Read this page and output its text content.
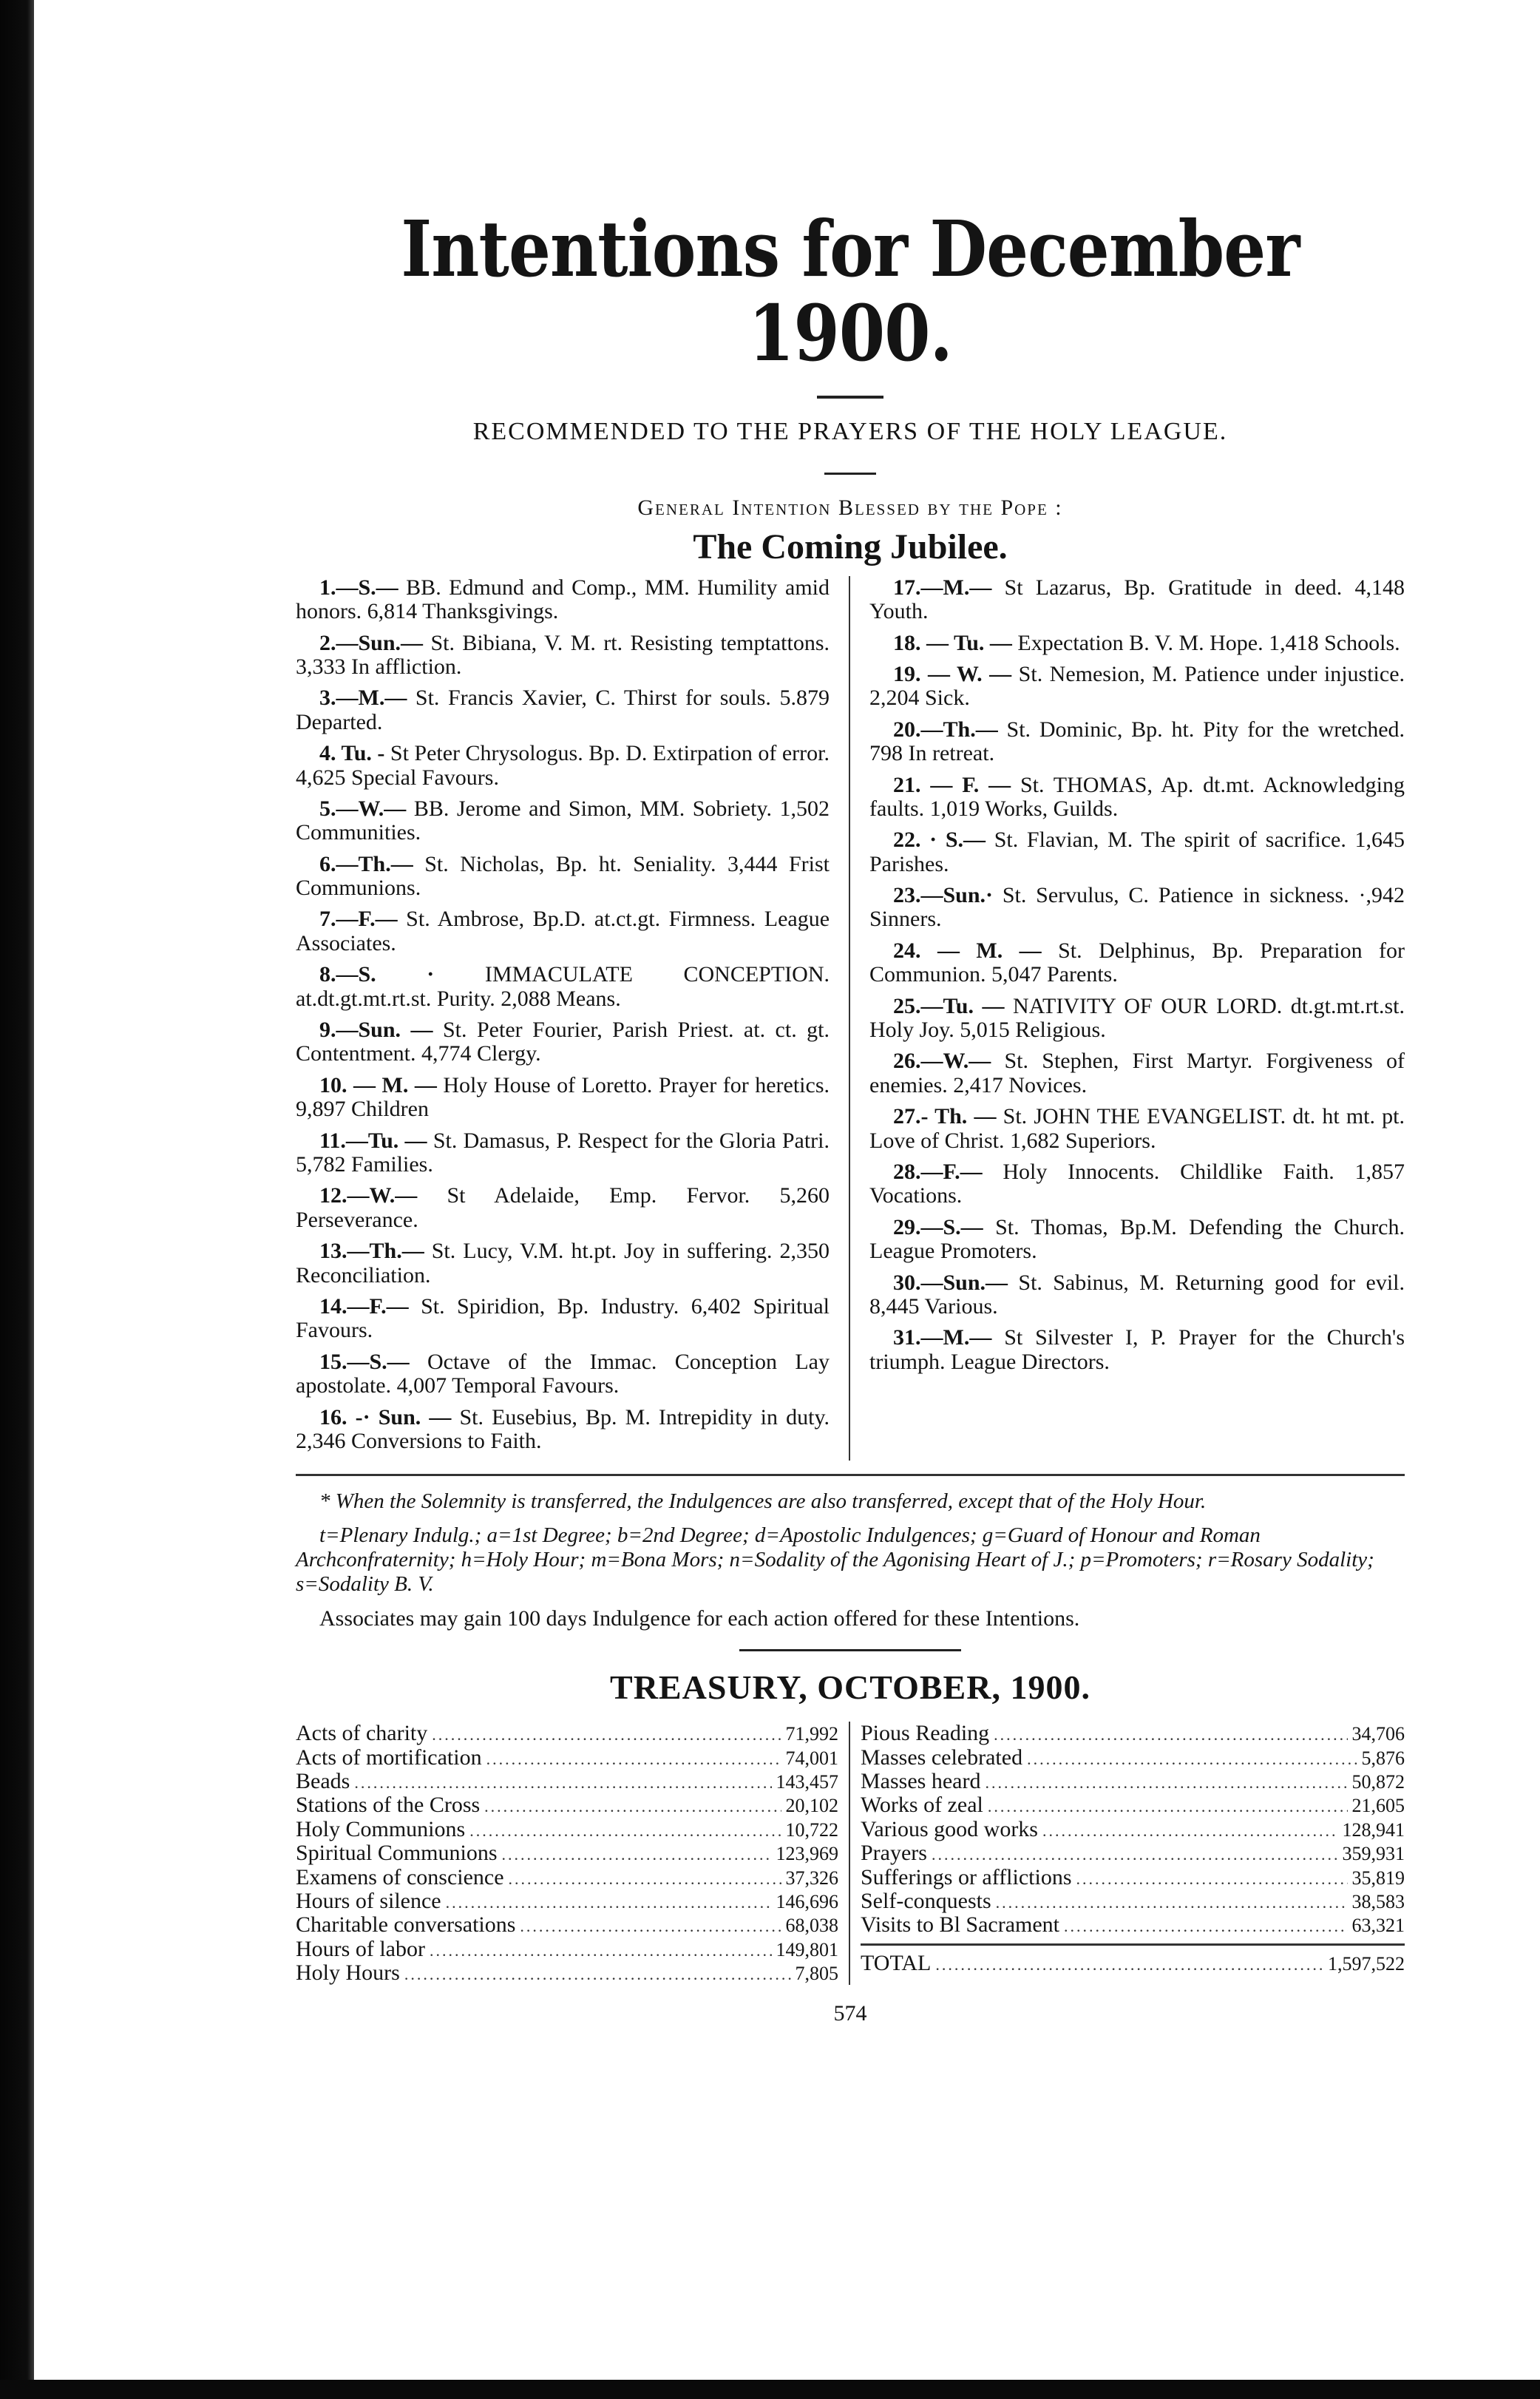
Intentions for December 1900.

RECOMMENDED TO THE PRAYERS OF THE HOLY LEAGUE.

General Intention Blessed by the Pope :

The Coming Jubilee.

1.—S.— BB. Edmund and Comp., MM. Humility amid honors. 6,814 Thanksgivings.

2.—Sun.— St. Bibiana, V. M. rt. Resisting temptattons. 3,333 In affliction.

3.—M.— St. Francis Xavier, C. Thirst for souls. 5.879 Departed.

4. Tu. - St Peter Chrysologus. Bp. D. Extirpation of error. 4,625 Special Favours.

5.—W.— BB. Jerome and Simon, MM. Sobriety. 1,502 Communities.

6.—Th.— St. Nicholas, Bp. ht. Seniality. 3,444 Frist Communions.

7.—F.— St. Ambrose, Bp.D. at.ct.gt. Firmness. League Associates.

8.—S. · IMMACULATE CONCEPTION. at.dt.gt.mt.rt.st. Purity. 2,088 Means.

9.—Sun. — St. Peter Fourier, Parish Priest. at. ct. gt. Contentment. 4,774 Clergy.

10. — M. — Holy House of Loretto. Prayer for heretics. 9,897 Children

11.—Tu. — St. Damasus, P. Respect for the Gloria Patri. 5,782 Families.

12.—W.— St Adelaide, Emp. Fervor. 5,260 Perseverance.

13.—Th.— St. Lucy, V.M. ht.pt. Joy in suffering. 2,350 Reconciliation.

14.—F.— St. Spiridion, Bp. Industry. 6,402 Spiritual Favours.

15.—S.— Octave of the Immac. Conception Lay apostolate. 4,007 Temporal Favours.

16. -· Sun. — St. Eusebius, Bp. M. Intrepidity in duty. 2,346 Conversions to Faith.

17.—M.— St Lazarus, Bp. Gratitude in deed. 4,148 Youth.

18. — Tu. — Expectation B. V. M. Hope. 1,418 Schools.

19. — W. — St. Nemesion, M. Patience under injustice. 2,204 Sick.

20.—Th.— St. Dominic, Bp. ht. Pity for the wretched. 798 In retreat.

21. — F. — St. THOMAS, Ap. dt.mt. Acknowledging faults. 1,019 Works, Guilds.

22. · S.— St. Flavian, M. The spirit of sacrifice. 1,645 Parishes.

23.—Sun.· St. Servulus, C. Patience in sickness. ·,942 Sinners.

24. — M. — St. Delphinus, Bp. Preparation for Communion. 5,047 Parents.

25.—Tu. — NATIVITY OF OUR LORD. dt.gt.mt.rt.st. Holy Joy. 5,015 Religious.

26.—W.— St. Stephen, First Martyr. Forgiveness of enemies. 2,417 Novices.

27.- Th. — St. JOHN THE EVANGELIST. dt. ht mt. pt. Love of Christ. 1,682 Superiors.

28.—F.— Holy Innocents. Childlike Faith. 1,857 Vocations.

29.—S.— St. Thomas, Bp.M. Defending the Church. League Promoters.

30.—Sun.— St. Sabinus, M. Returning good for evil. 8,445 Various.

31.—M.— St Silvester I, P. Prayer for the Church's triumph. League Directors.

* When the Solemnity is transferred, the Indulgences are also transferred, except that of the Holy Hour.

t=Plenary Indulg.; a=1st Degree; b=2nd Degree; d=Apostolic Indulgences; g=Guard of Honour and Roman Archconfraternity; h=Holy Hour; m=Bona Mors; n=Sodality of the Agonising Heart of J.; p=Promoters; r=Rosary Sodality; s=Sodality B. V.

Associates may gain 100 days Indulgence for each action offered for these Intentions.

TREASURY, OCTOBER, 1900.
Acts of charity .....	71,992
Acts of mortification .....	74,001
Beads .....	143,457
Stations of the Cross .....	20,102
Holy Communions .....	10,722
Spiritual Communions .....	123,969
Examens of conscience .....	37,326
Hours of silence .....	146,696
Charitable conversations .....	68,038
Hours of labor .....	149,801
Holy Hours .....	7,805
Pious Reading .....	34,706
Masses celebrated .....	5,876
Masses heard .....	50,872
Works of zeal .....	21,605
Various good works .....	128,941
Prayers .....	359,931
Sufferings or afflictions .....	35,819
Self-conquests .....	38,583
Visits to Bl Sacrament .....	63,321
TOTAL .....	1,597,522
574
